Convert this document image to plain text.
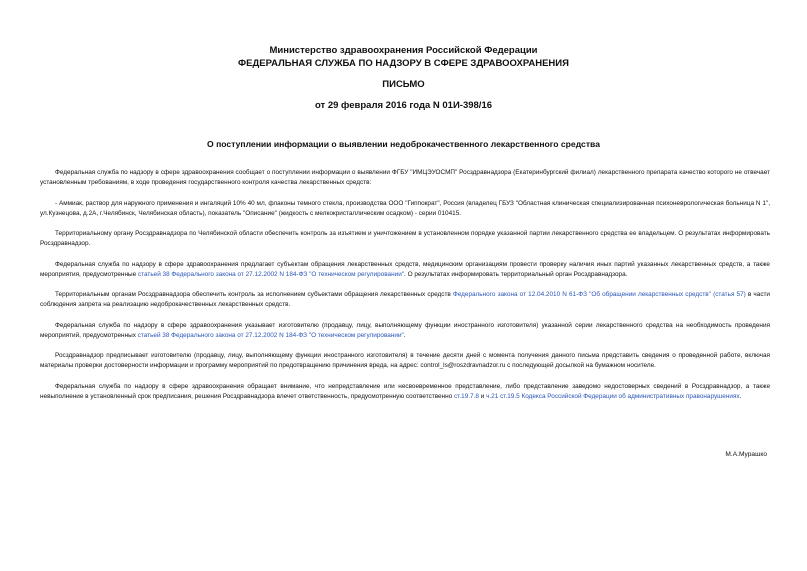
Министерство здравоохранения Российской Федерации
ФЕДЕРАЛЬНАЯ СЛУЖБА ПО НАДЗОРУ В СФЕРЕ ЗДРАВООХРАНЕНИЯ
ПИСЬМО
от 29 февраля 2016 года N 01И-398/16
О поступлении информации о выявлении недоброкачественного лекарственного средства

Федеральная служба по надзору в сфере здравоохранения сообщает о поступлении информации о выявлении ФГБУ "ИМЦЭУОСМП" Росздравнадзора (Екатеринбургский филиал) лекарственного препарата качество которого не отвечает установленным требованиям, в ходе проведения государственного контроля качества лекарственных средств:

- Аммиак, раствор для наружного применения и ингаляций 10% 40 мл, флаконы темного стекла, производства ООО "Гиппократ", Россия (владелец ГБУЗ "Областная клиническая специализированная психоневрологическая больница N 1", ул.Кузнецова, д.2А, г.Челябинск, Челябинская область), показатель "Описание" (жидкость с мелкокристаллическим осадком) - серии 010415.

Территориальному органу Росздравнадзора по Челябинской области обеспечить контроль за изъятием и уничтожением в установленном порядке указанной партии лекарственного средства ее владельцем. О результатах информировать Росздравнадзор.

Федеральная служба по надзору в сфере здравоохранения предлагает субъектам обращения лекарственных средств, медицинским организациям провести проверку наличия иных партий указанных лекарственных средств, а также мероприятия, предусмотренные статьей 38 Федерального закона от 27.12.2002 N 184-ФЗ "О техническом регулировании". О результатах информировать территориальный орган Росздравнадзора.

Территориальным органам Росздравнадзора обеспечить контроль за исполнением субъектами обращения лекарственных средств Федерального закона от 12.04.2010 N 61-ФЗ "Об обращении лекарственных средств" (статья 57) в части соблюдения запрета на реализацию недоброкачественных лекарственных средств.

Федеральная служба по надзору в сфере здравоохранения указывает изготовителю (продавцу, лицу, выполняющему функции иностранного изготовителя) указанной серии лекарственного средства на необходимость проведения мероприятий, предусмотренных статьей 38 Федерального закона от 27.12.2002 N 184-ФЗ "О техническом регулировании".

Росздравнадзор предписывает изготовителю (продавцу, лицу, выполняющему функции иностранного изготовителя) в течение десяти дней с момента получения данного письма представить сведения о проведенной работе, включая материалы проверки достоверности информации и программу мероприятий по предотвращению причинения вреда, на адрес: control_ls@roszdravnadzor.ru с последующей досылкой на бумажном носителе.

Федеральная служба по надзору в сфере здравоохранения обращает внимание, что непредставление или несвоевременное представление, либо представление заведомо недостоверных сведений в Росздравнадзор, а также невыполнение в установленный срок предписания, решения Росздравнадзора влечет ответственность, предусмотренную соответственно ст.19.7.8 и ч.21 ст.19.5 Кодекса Российской Федерации об административных правонарушениях.

М.А.Мурашко
